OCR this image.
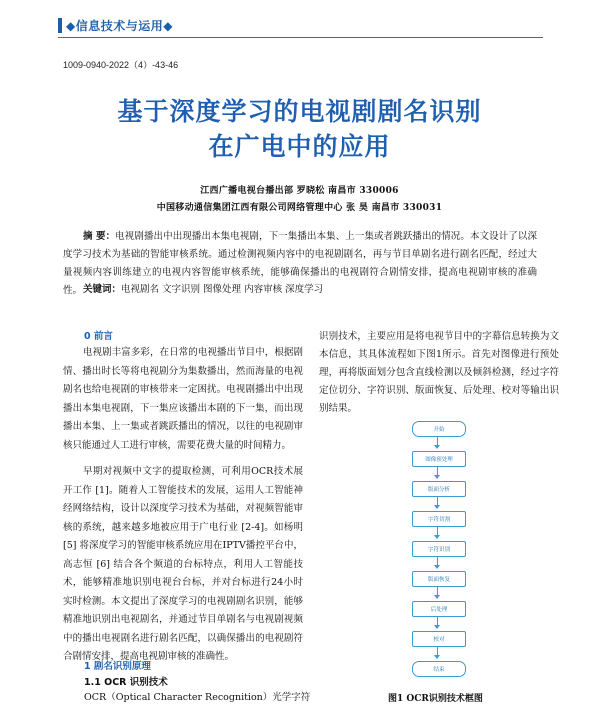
◆信息技术与运用◆
1009-0940-2022（4）-43-46
基于深度学习的电视剧剧名识别
在广电中的应用
江西广播电视台播出部 罗晓松 南昌市 330006
中国移动通信集团江西有限公司网络管理中心 张 昊 南昌市 330031
摘 要：电视剧播出中出现播出本集电视剧，下一集播出本集、上一集或者跳跃播出的情况。本文设计了以深度学习技术为基础的智能审核系统。通过检测视频内容中的电视剧剧名，再与节目单剧名进行剧名匹配，经过大量视频内容训练建立的电视内容智能审核系统，能够确保播出的电视剧符合剧情安排，提高电视剧审核的准确性。 关键词：电视剧名 文字识别 图像处理 内容审核 深度学习
0 前言
电视剧丰富多彩，在日常的电视播出节目中，根据剧情、播出时长等将电视剧分为集数播出，然而海量的电视剧名也给电视剧的审核带来一定困扰。电视剧播出中出现播出本集电视剧，下一集应该播出本剧的下一集，而出现播出本集、上一集或者跳跃播出的情况，以往的电视剧审核只能通过人工进行审核，需要花费大量的时间精力。
早期对视频中文字的提取检测，可利用OCR技术展开工作 [1]。随着人工智能技术的发展，运用人工智能神经网络结构，设计以深度学习技术为基础，对视频智能审核的系统，越来越多地被应用于广电行业 [2-4]。如杨明 [5] 将深度学习的智能审核系统应用在IPTV播控平台中，高志恒 [6] 结合各个频道的台标特点，利用人工智能技术，能够精准地识别电视台台标，并对台标进行24小时实时检测。本文提出了深度学习的电视剧剧名识别，能够精准地识别出电视剧名，并通过节目单剧名与电视剧视频中的播出电视剧名进行剧名匹配，以确保播出的电视剧符合剧情安排，提高电视剧审核的准确性。
1 剧名识别原理
1.1 OCR 识别技术
OCR（Optical Character Recognition）光学字符
识别技术，主要应用是将电视节目中的字幕信息转换为文本信息，其具体流程如下图1所示。首先对图像进行预处理，再将版面划分包含直线检测以及倾斜检测，经过字符定位切分、字符识别、版面恢复、后处理、校对等输出识别结果。
开始
图像预处理
版面分析
字符切割
字符识别
版面恢复
后处理
校对
结束
图1 OCR识别技术框图
